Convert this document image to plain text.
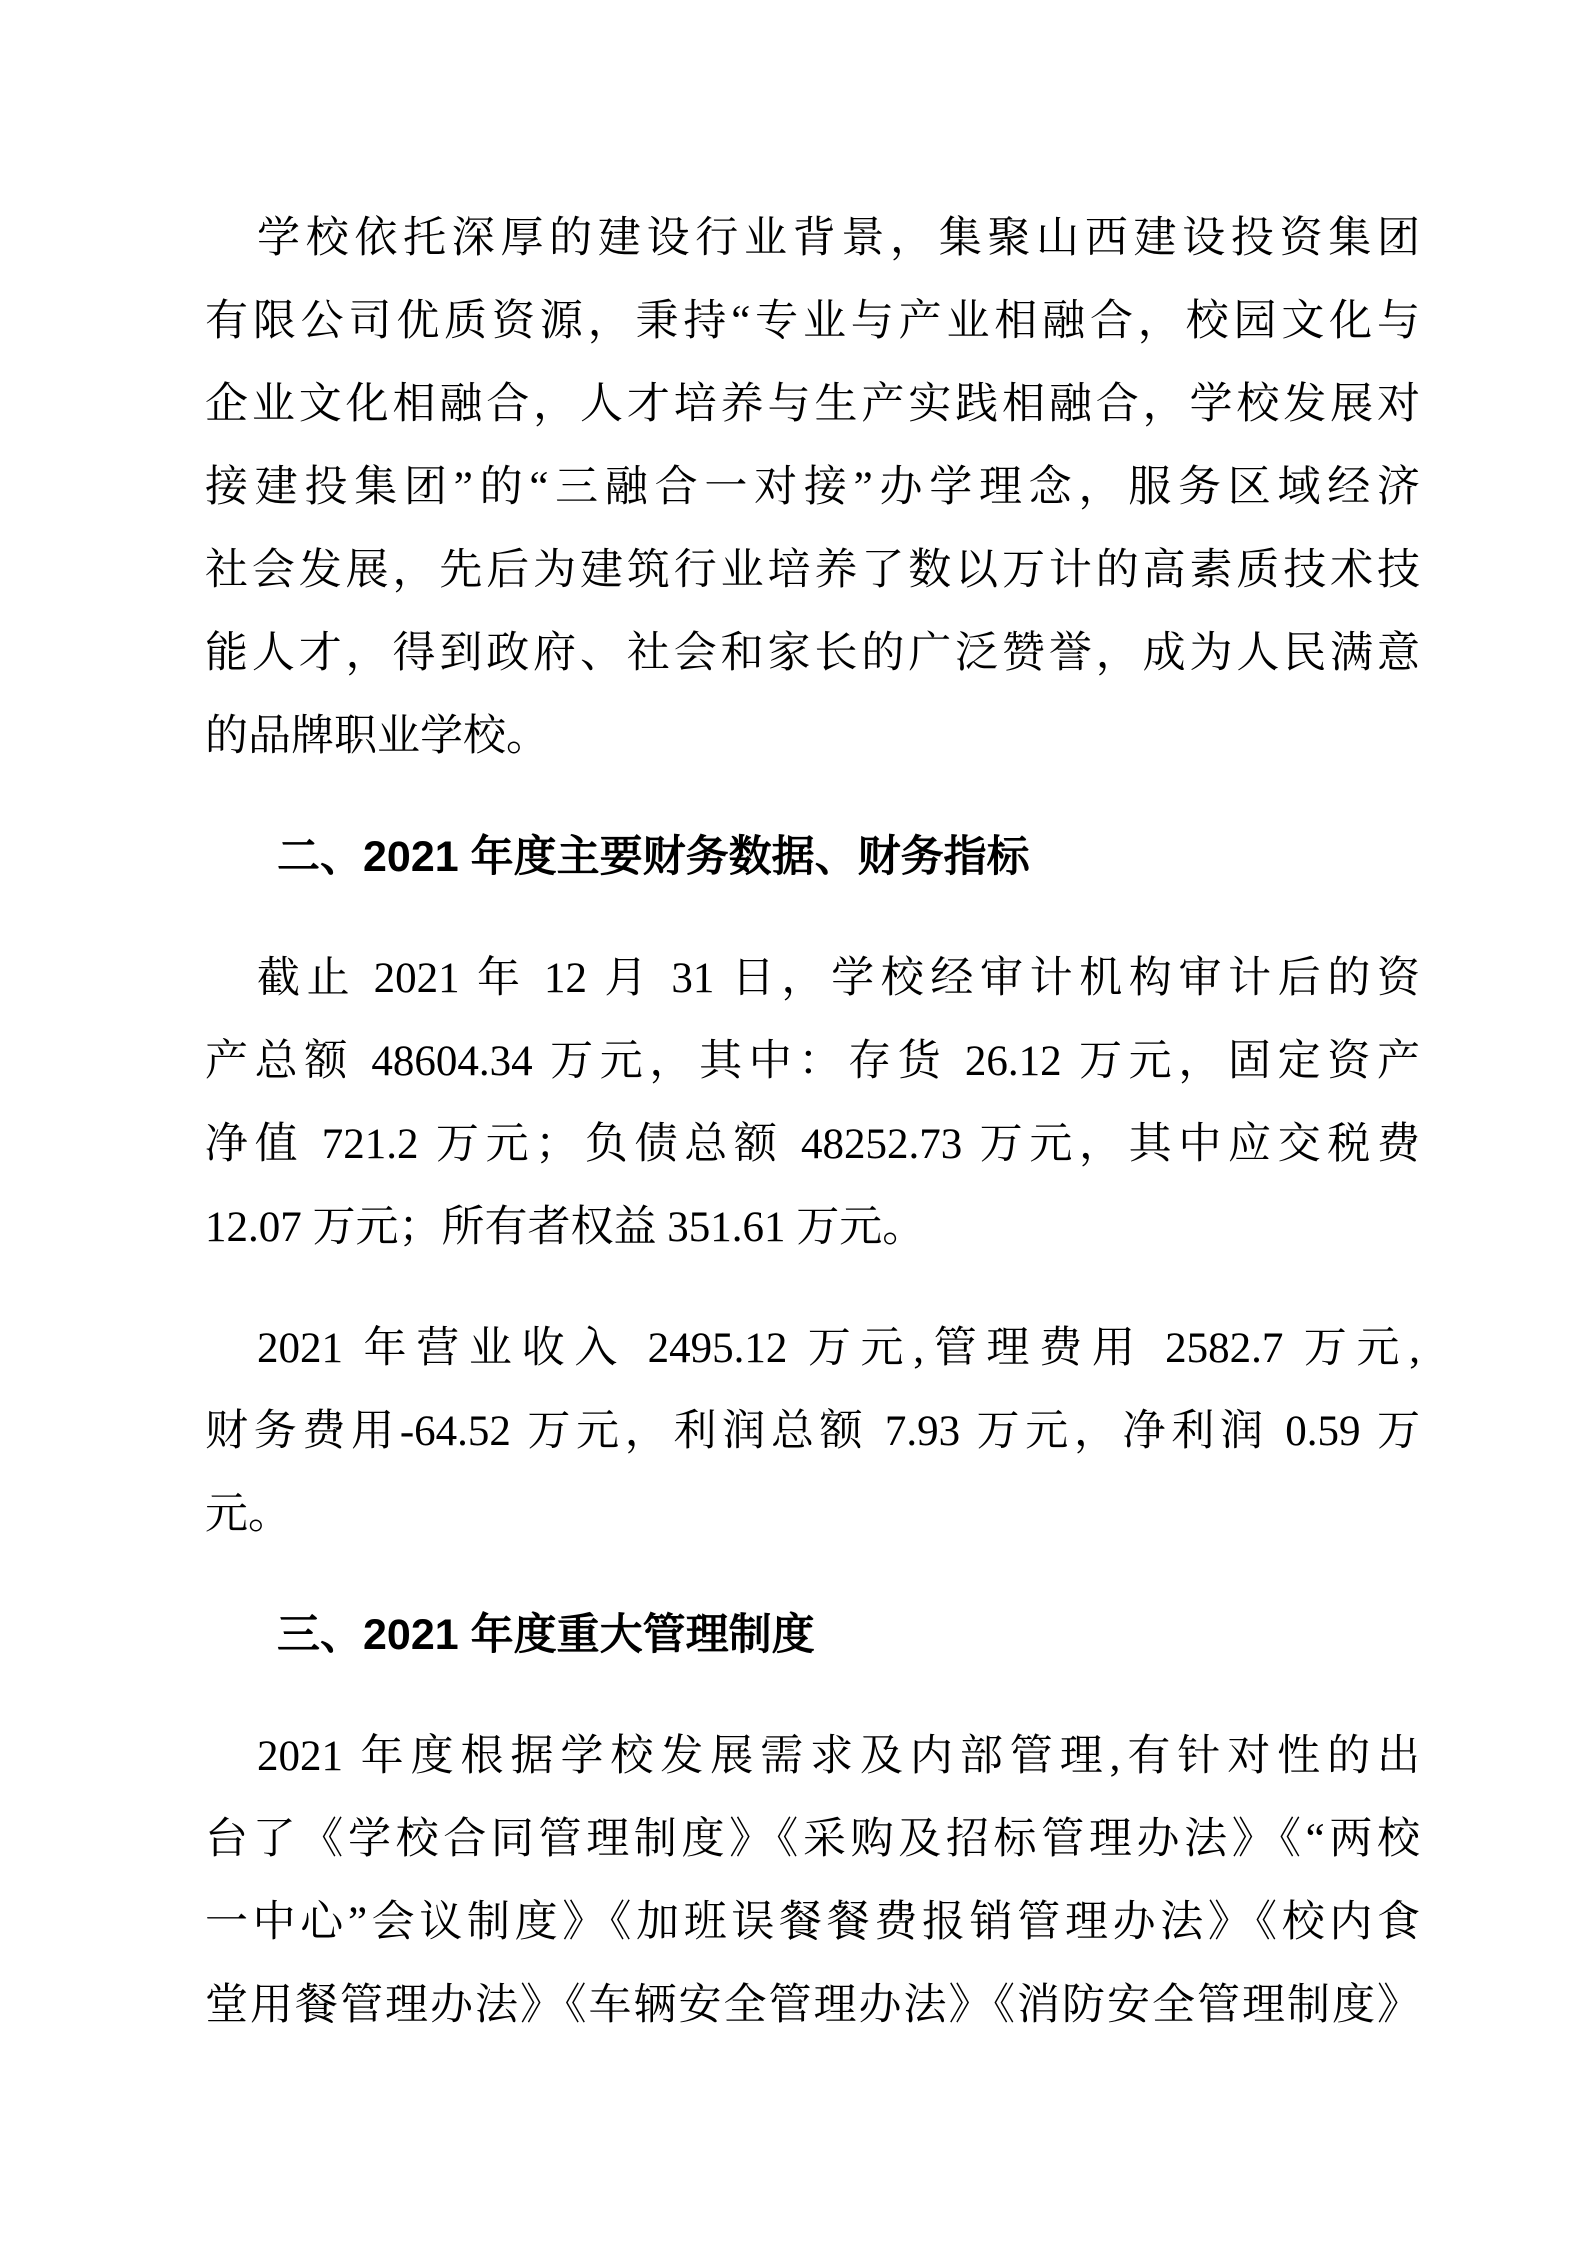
学校依托深厚的建设行业背景，集聚山西建设投资集团
有限公司优质资源，秉持“专业与产业相融合，校园文化与
企业文化相融合，人才培养与生产实践相融合，学校发展对
接建投集团”的“三融合一对接”办学理念，服务区域经济
社会发展，先后为建筑行业培养了数以万计的高素质技术技
能人才，得到政府、社会和家长的广泛赞誉，成为人民满意
的品牌职业学校。
二、2021 年度主要财务数据、财务指标
截止 2021 年 12 月 31 日，学校经审计机构审计后的资
产总额 48604.34 万元，其中：存货 26.12 万元，固定资产
净值 721.2 万元；负债总额 48252.73 万元，其中应交税费
12.07 万元；所有者权益 351.61 万元。
2021 年营业收入 2495.12 万元,管理费用 2582.7 万元,
财务费用-64.52 万元，利润总额 7.93 万元，净利润 0.59 万
元。
三、2021 年度重大管理制度
2021 年度根据学校发展需求及内部管理,有针对性的出
台了《学校合同管理制度》《采购及招标管理办法》《“两校
一中心”会议制度》《加班误餐餐费报销管理办法》《校内食
堂用餐管理办法》《车辆安全管理办法》《消防安全管理制度》
